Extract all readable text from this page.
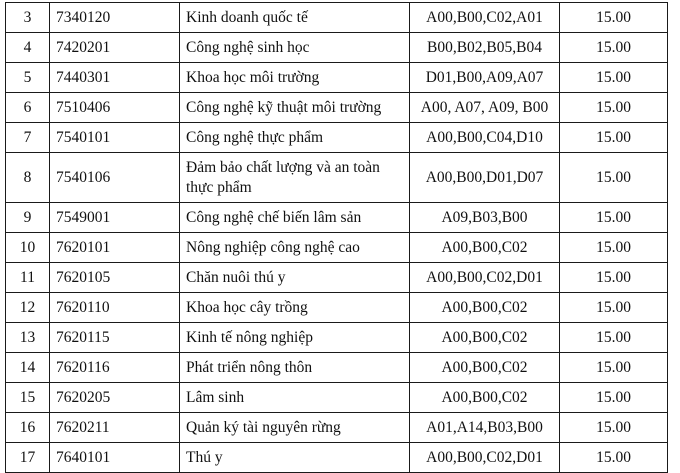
3	7340120	Kinh doanh quốc tế	A00,B00,C02,A01	15.00
4	7420201	Công nghệ sinh học	B00,B02,B05,B04	15.00
5	7440301	Khoa học môi trường	D01,B00,A09,A07	15.00
6	7510406	Công nghệ kỹ thuật môi trường	A00, A07, A09, B00	15.00
7	7540101	Công nghệ thực phẩm	A00,B00,C04,D10	15.00
8	7540106	Đảm bảo chất lượng và an toàn thực phẩm	A00,B00,D01,D07	15.00
9	7549001	Công nghệ chế biến lâm sản	A09,B03,B00	15.00
10	7620101	Nông nghiệp công nghệ cao	A00,B00,C02	15.00
11	7620105	Chăn nuôi thú y	A00,B00,C02,D01	15.00
12	7620110	Khoa học cây trồng	A00,B00,C02	15.00
13	7620115	Kinh tế nông nghiệp	A00,B00,C02	15.00
14	7620116	Phát triển nông thôn	A00,B00,C02	15.00
15	7620205	Lâm sinh	A00,B00,C02	15.00
16	7620211	Quản ký tài nguyên rừng	A01,A14,B03,B00	15.00
17	7640101	Thú y	A00,B00,C02,D01	15.00
